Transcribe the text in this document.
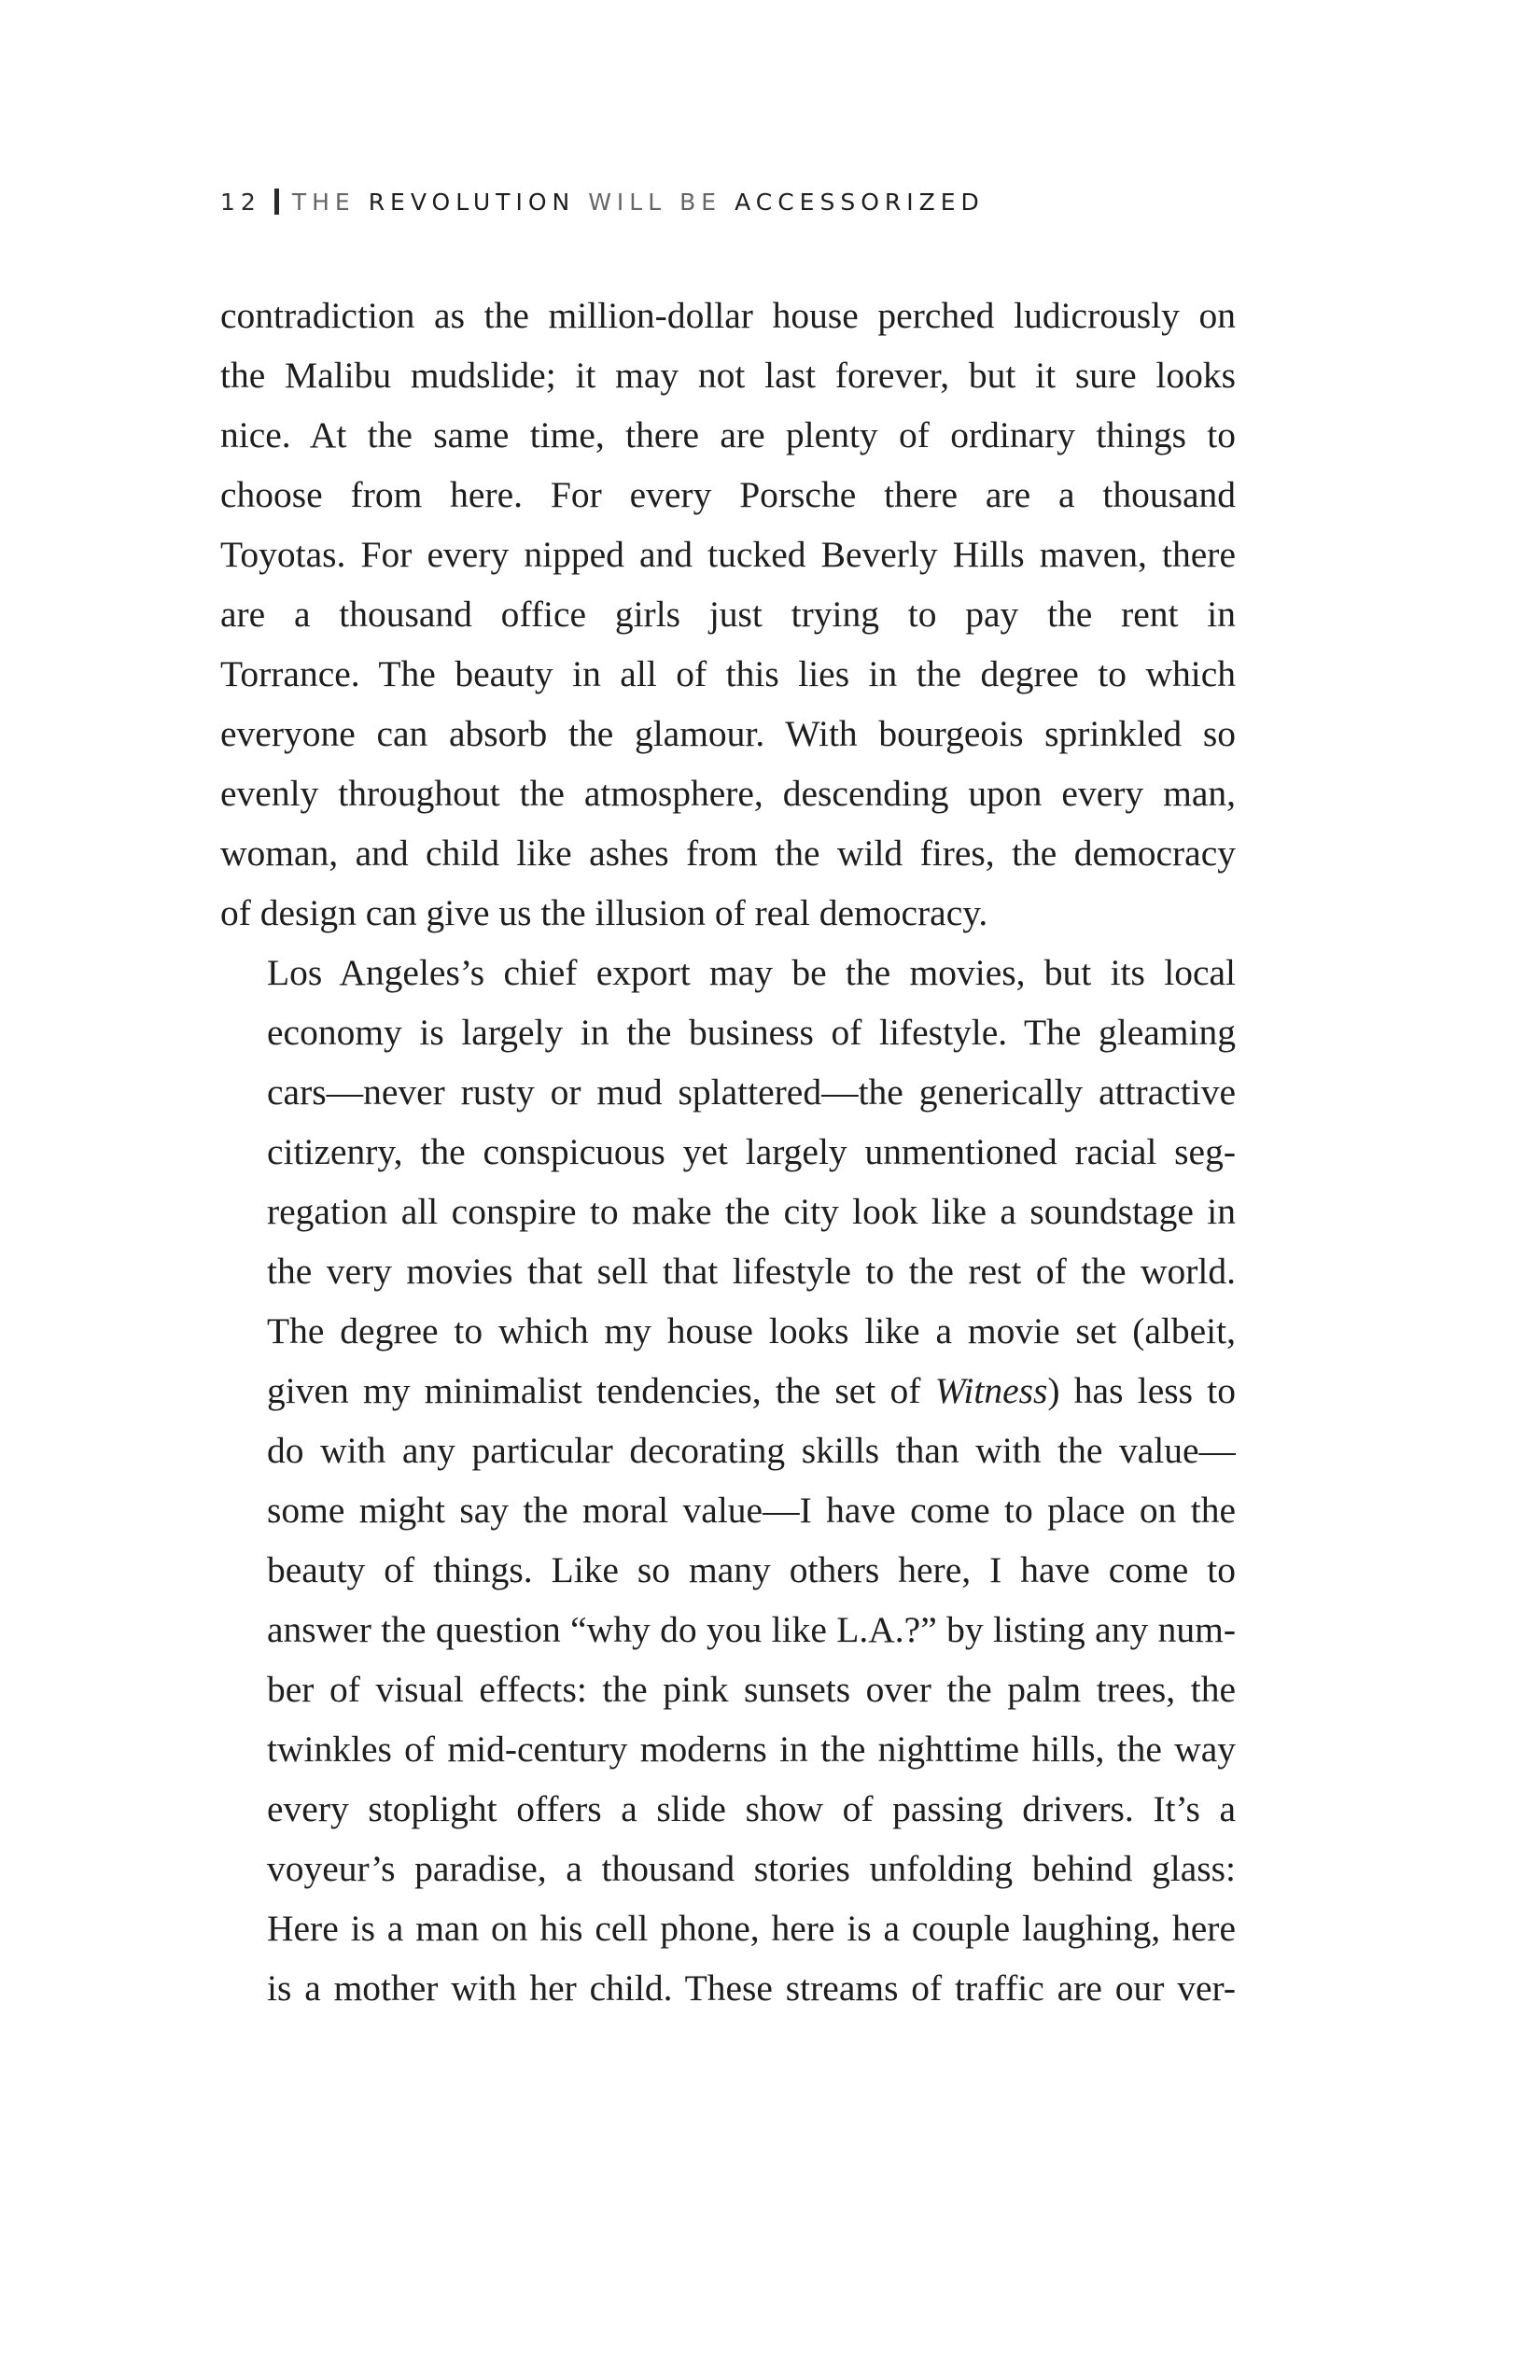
12 THE REVOLUTION WILL BE ACCESSORIZED

contradiction as the million-dollar house perched ludicrously on
the Malibu mudslide; it may not last forever, but it sure looks
nice. At the same time, there are plenty of ordinary things to
choose from here. For every Porsche there are a thousand
Toyotas. For every nipped and tucked Beverly Hills maven, there
are a thousand office girls just trying to pay the rent in
Torrance. The beauty in all of this lies in the degree to which
everyone can absorb the glamour. With bourgeois sprinkled so
evenly throughout the atmosphere, descending upon every man,
woman, and child like ashes from the wild fires, the democracy
of design can give us the illusion of real democracy.

Los Angeles’s chief export may be the movies, but its local
economy is largely in the business of lifestyle. The gleaming
cars—never rusty or mud splattered—the generically attractive
citizenry, the conspicuous yet largely unmentioned racial seg-
regation all conspire to make the city look like a soundstage in
the very movies that sell that lifestyle to the rest of the world.
The degree to which my house looks like a movie set (albeit,
given my minimalist tendencies, the set of Witness) has less to
do with any particular decorating skills than with the value—
some might say the moral value—I have come to place on the
beauty of things. Like so many others here, I have come to
answer the question “why do you like L.A.?” by listing any num-
ber of visual effects: the pink sunsets over the palm trees, the
twinkles of mid-century moderns in the nighttime hills, the way
every stoplight offers a slide show of passing drivers. It’s a
voyeur’s paradise, a thousand stories unfolding behind glass:
Here is a man on his cell phone, here is a couple laughing, here
is a mother with her child. These streams of traffic are our ver-
